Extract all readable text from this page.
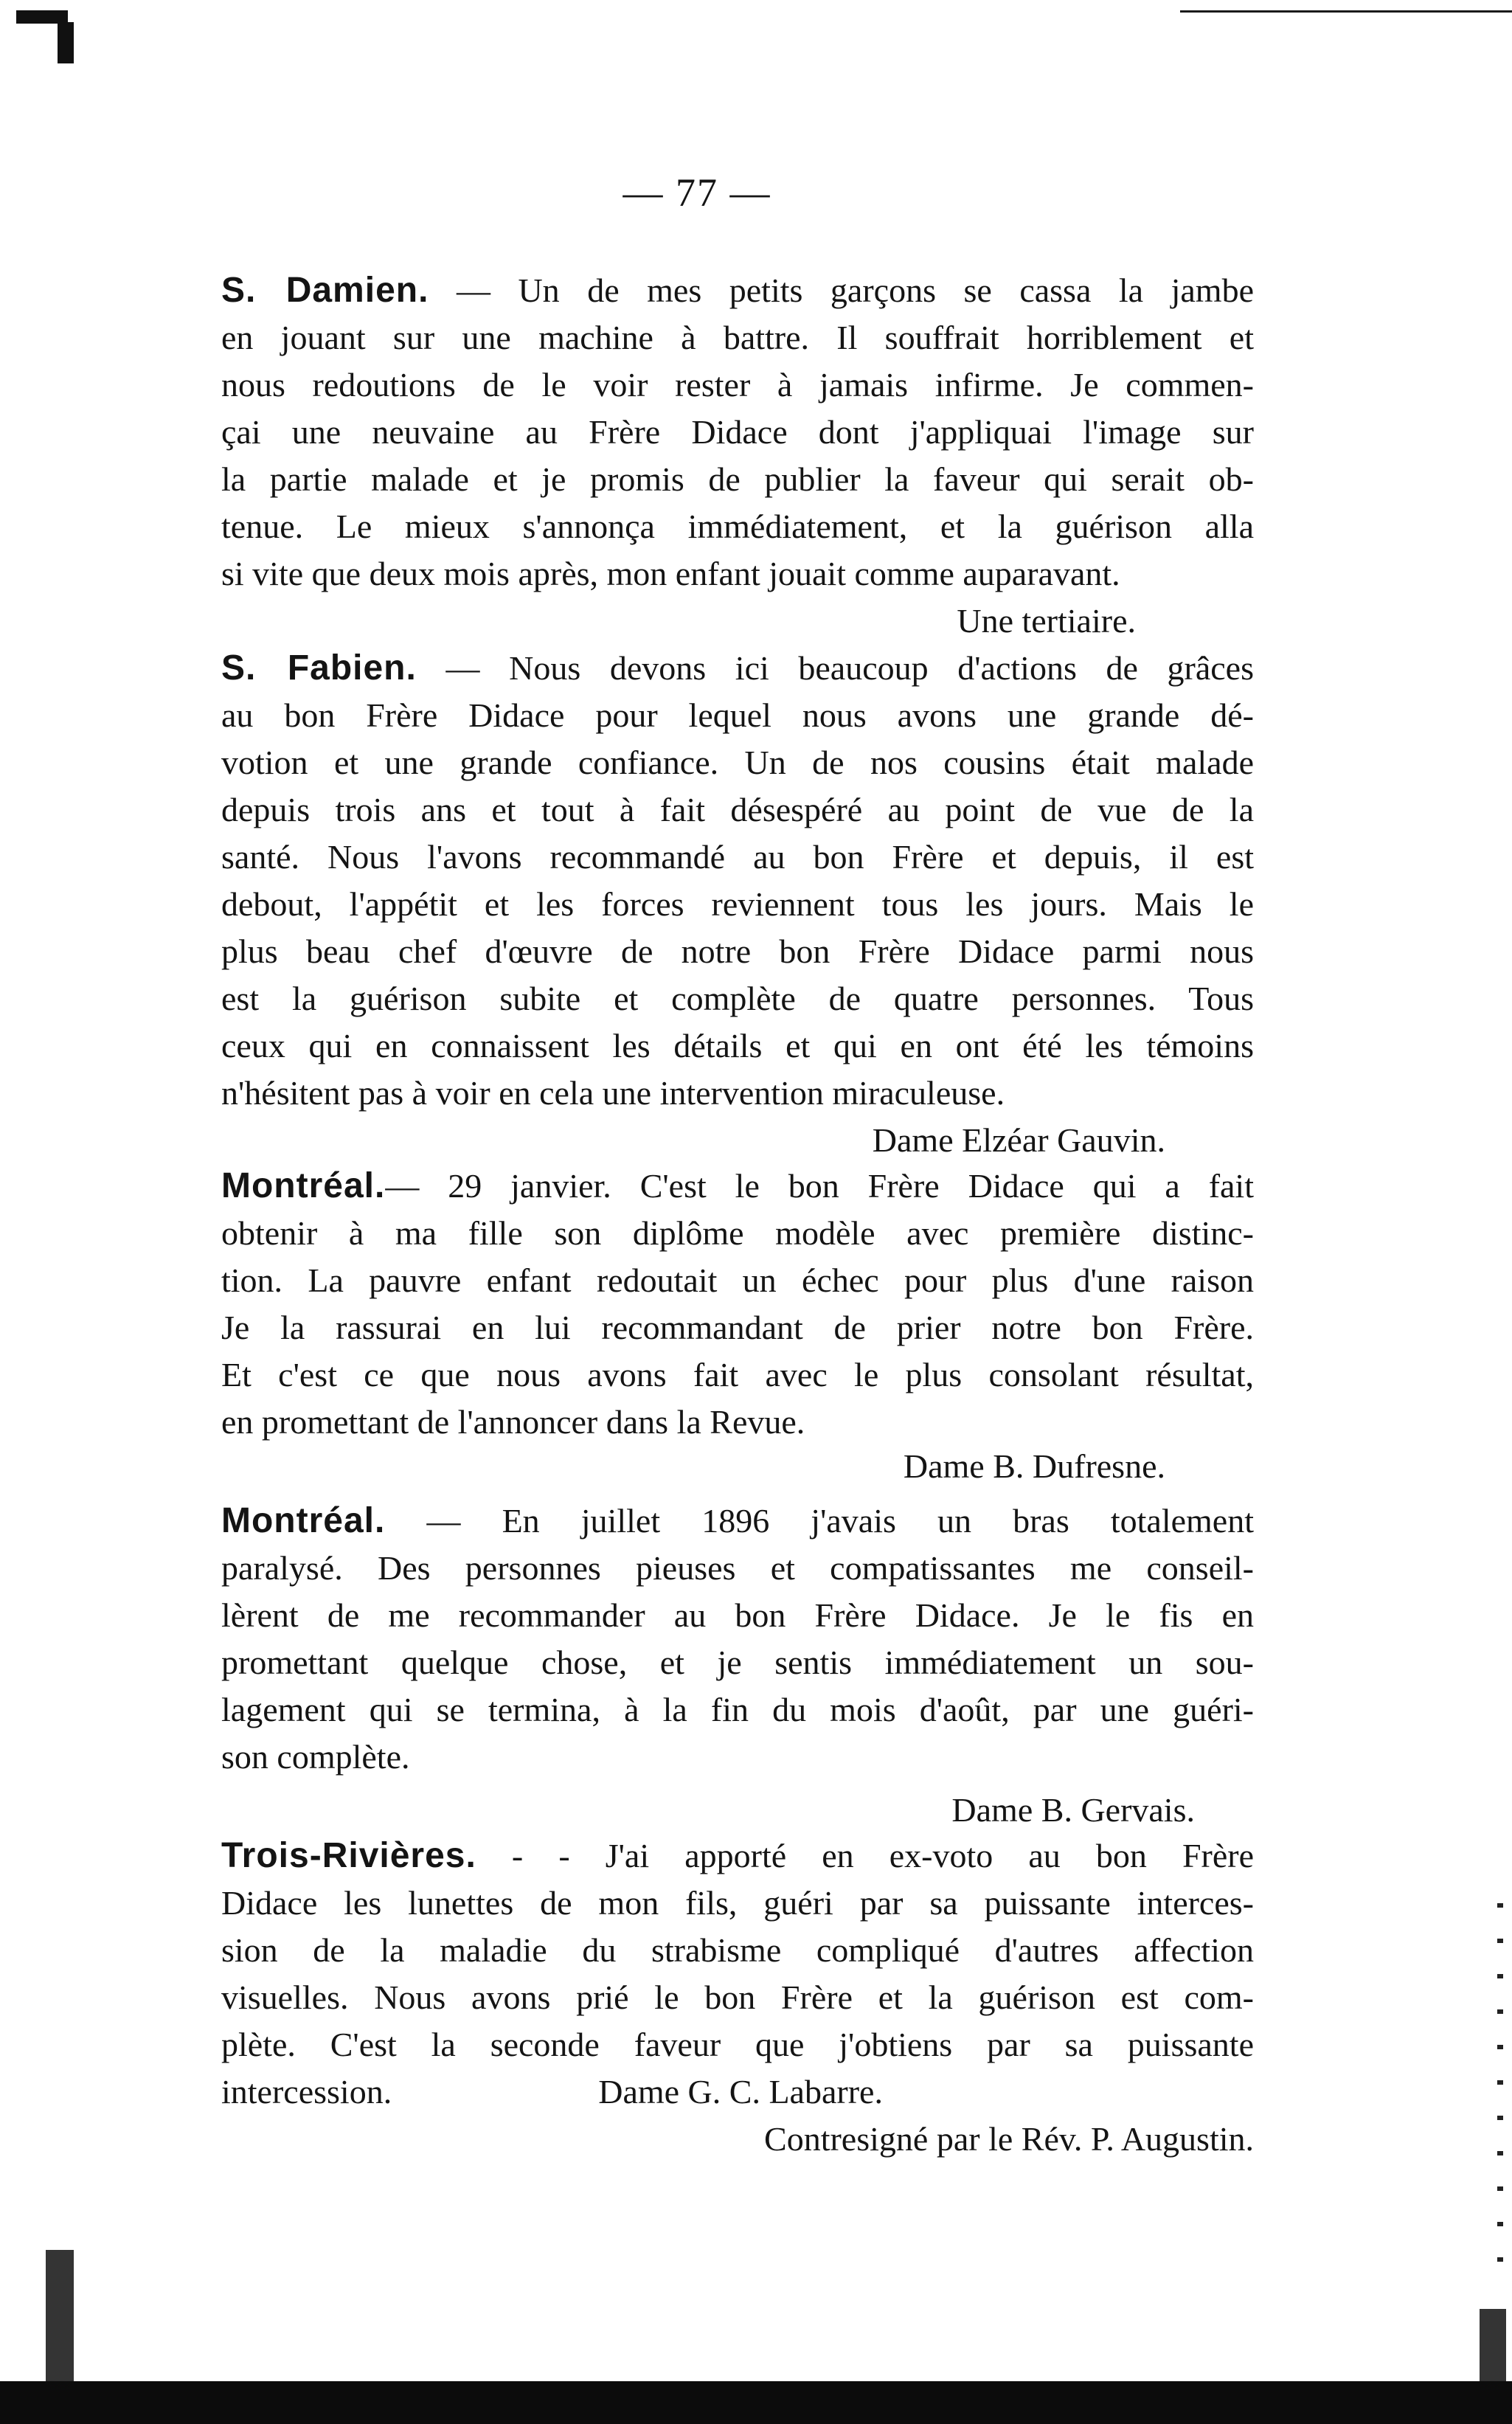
— 77 —
S. Damien. — Un de mes petits garçons se cassa la jambe
en jouant sur une machine à battre. Il souffrait horriblement et
nous redoutions de le voir rester à jamais infirme. Je commen-
çai une neuvaine au Frère Didace dont j'appliquai l'image sur
la partie malade et je promis de publier la faveur qui serait ob-
tenue. Le mieux s'annonça immédiatement, et la guérison alla
si vite que deux mois après, mon enfant jouait comme auparavant.
Une tertiaire.
S. Fabien. — Nous devons ici beaucoup d'actions de grâces
au bon Frère Didace pour lequel nous avons une grande dé-
votion et une grande confiance. Un de nos cousins était malade
depuis trois ans et tout à fait désespéré au point de vue de la
santé. Nous l'avons recommandé au bon Frère et depuis, il est
debout, l'appétit et les forces reviennent tous les jours. Mais le
plus beau chef d'œuvre de notre bon Frère Didace parmi nous
est la guérison subite et complète de quatre personnes. Tous
ceux qui en connaissent les détails et qui en ont été les témoins
n'hésitent pas à voir en cela une intervention miraculeuse.
Dame Elzéar Gauvin.
Montréal.— 29 janvier. C'est le bon Frère Didace qui a fait
obtenir à ma fille son diplôme modèle avec première distinc-
tion. La pauvre enfant redoutait un échec pour plus d'une raison
Je la rassurai en lui recommandant de prier notre bon Frère.
Et c'est ce que nous avons fait avec le plus consolant résultat,
en promettant de l'annoncer dans la Revue.
Dame B. Dufresne.
Montréal. — En juillet 1896 j'avais un bras totalement
paralysé. Des personnes pieuses et compatissantes me conseil-
lèrent de me recommander au bon Frère Didace. Je le fis en
promettant quelque chose, et je sentis immédiatement un sou-
lagement qui se termina, à la fin du mois d'août, par une guéri-
son complète.
Dame B. Gervais.
Trois-Rivières. - - J'ai apporté en ex-voto au bon Frère
Didace les lunettes de mon fils, guéri par sa puissante interces-
sion de la maladie du strabisme compliqué d'autres affection
visuelles. Nous avons prié le bon Frère et la guérison est com-
plète. C'est la seconde faveur que j'obtiens par sa puissante
intercession.	Dame G. C. Labarre.
Contresigné par le Rév. P. Augustin.
